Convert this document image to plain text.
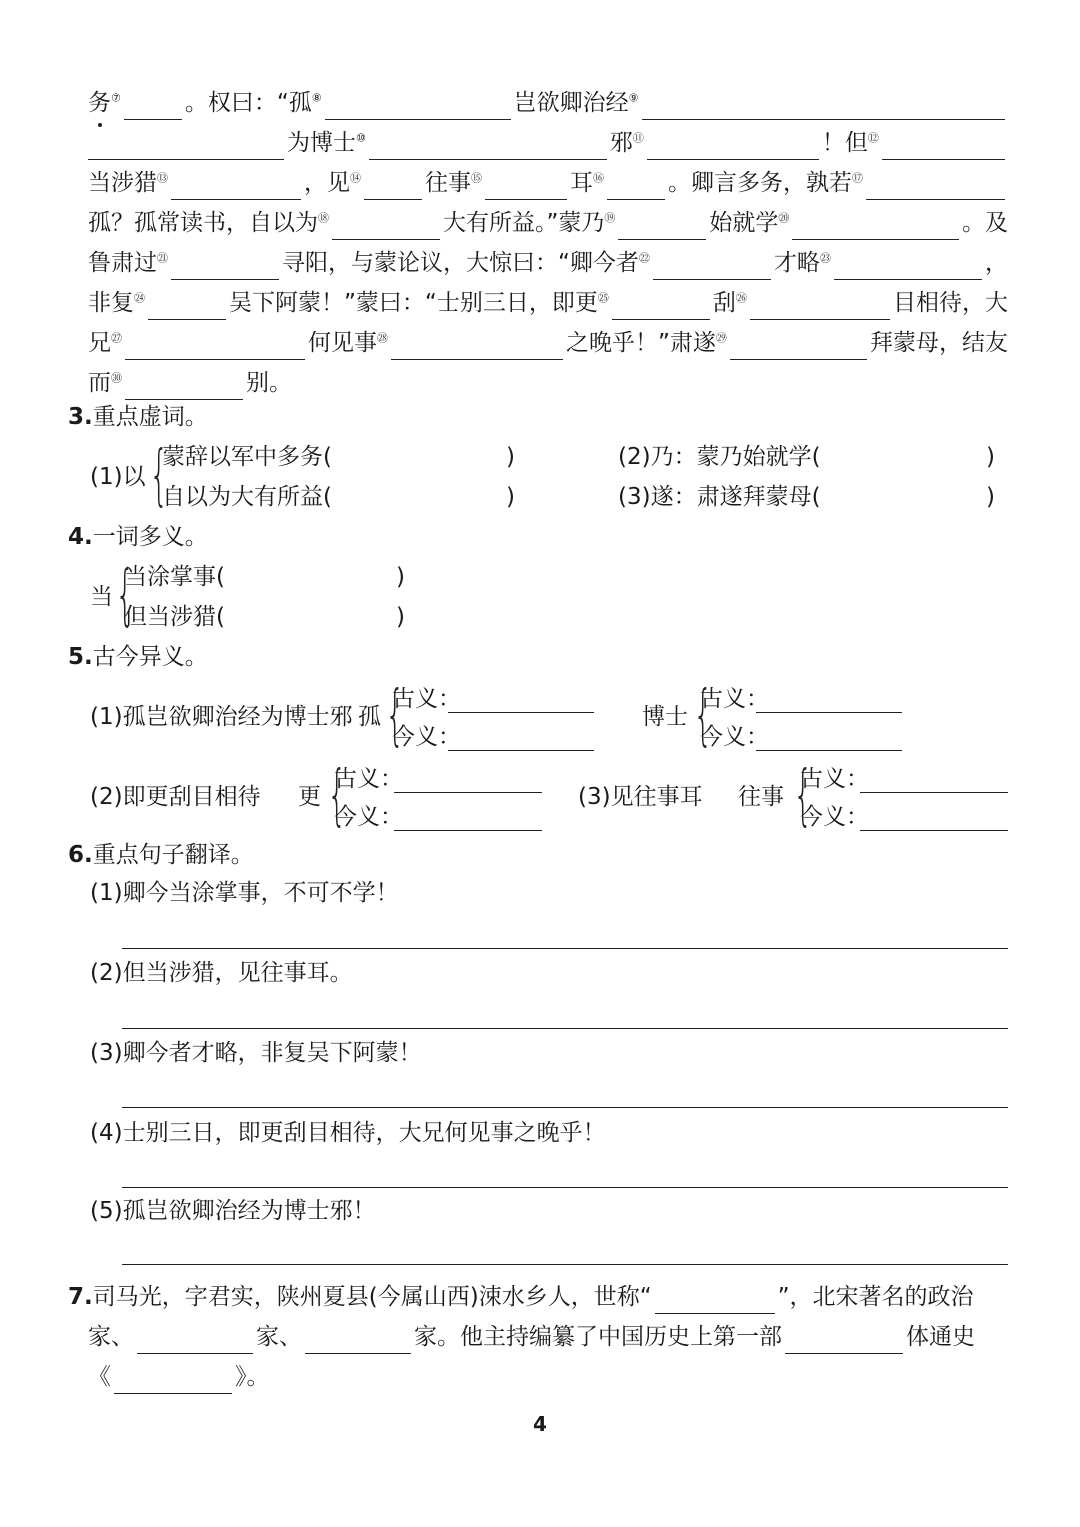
务⑦	。权曰：“孤⑧	岂欲卿治经⑨
为博士⑩	邪⑪	！但⑫
当涉猎⑬	，见⑭	往事⑮	耳⑯	。卿言多务，孰若⑰
孤？孤常读书，自以为⑱	大有所益。”蒙乃⑲	始就学⑳	。及
鲁肃过$^㉑$	寻阳，与蒙论议，大惊曰：“卿今者$^㉒$	才略$^㉓$	，
非复$^㉔$	吴下阿蒙！”蒙曰：“士别三日，即更$^㉕$	刮$^㉖$	目相待，大
兄$^㉗$	何见事$^㉘$	之晚乎！”肃遂$^㉙$	拜蒙母，结友
而$^㉚$	别。
3.重点虚词。
(1)以 {
蒙辞以军中多务(	)
自以为大有所益(	)
(2)乃：蒙乃始就学(	)
(3)遂：肃遂拜蒙母(	)
4.一词多义。
当 {
当涂掌事(	)
但当涉猎(	)
5.古今异义。
(1)孤岂欲卿治经为博士邪 孤 {
古义：
今义：
博士 {
古义：
今义：
(2)即更刮目相待 更 {
古义：
今义：
(3)见往事耳 往事 {
古义：
今义：
6.重点句子翻译。
(1)卿今当涂掌事，不可不学！
(2)但当涉猎，见往事耳。
(3)卿今者才略，非复吴下阿蒙！
(4)士别三日，即更刮目相待，大兄何见事之晚乎！
(5)孤岂欲卿治经为博士邪！
7. 司马光，字君实，陕州夏县(今属山西)涑水乡人，世称“	”，北宋著名的政治
家、	家、	家。他主持编纂了中国历史上第一部	体通史
《	》。
4
